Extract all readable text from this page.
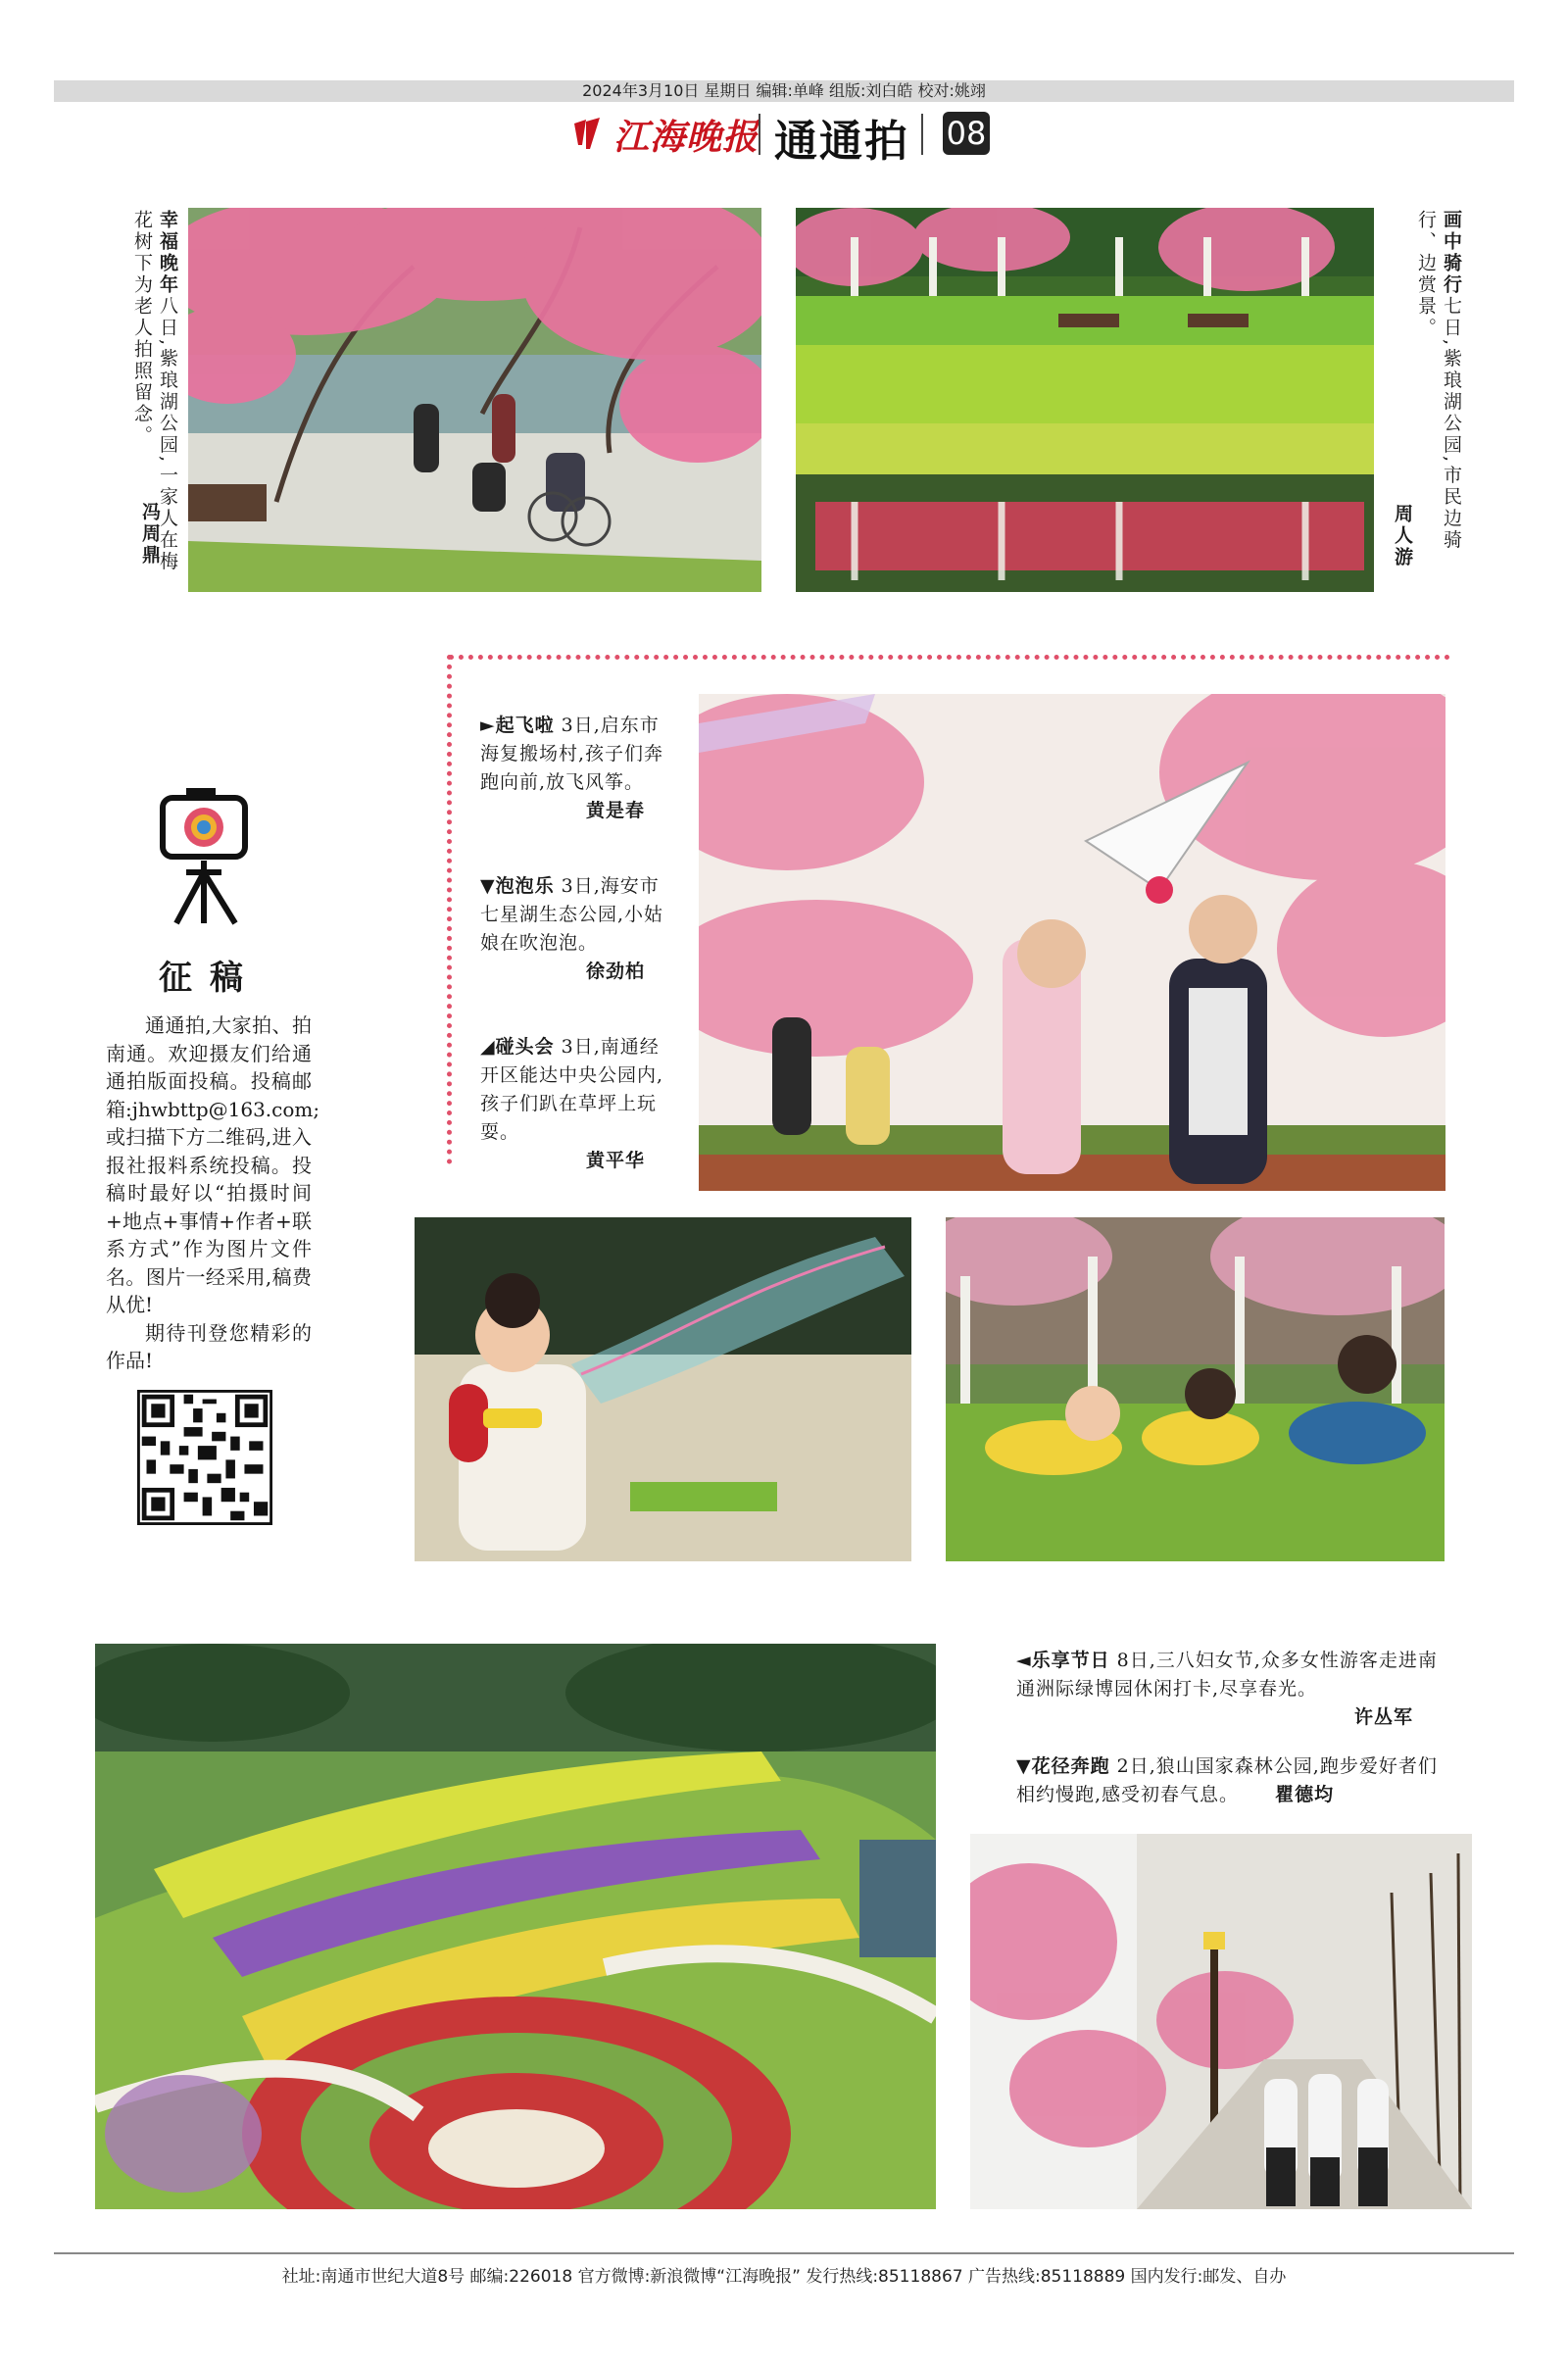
2024年3月10日 星期日 编辑:单峰 组版:刘白皓 校对:姚翊
江海晚报 通通拍 08
幸福晚年八日,紫琅湖公园,一家人在梅花树下为老人拍照留念。
冯周鼎
画中骑行七日,紫琅湖公园,市民边骑行、边赏景。
周人游
►起飞啦 3日,启东市海复搬场村,孩子们奔跑向前,放飞风筝。
黄是春
▼泡泡乐 3日,海安市七星湖生态公园,小姑娘在吹泡泡。
徐劲柏
◢碰头会 3日,南通经开区能达中央公园内,孩子们趴在草坪上玩耍。
黄平华
征稿
通通拍,大家拍、拍南通。欢迎摄友们给通通拍版面投稿。投稿邮箱:jhwbttp@163.com;或扫描下方二维码,进入报社报料系统投稿。投稿时最好以“拍摄时间+地点+事情+作者+联系方式”作为图片文件名。图片一经采用,稿费从优!
期待刊登您精彩的作品!
◄乐享节日 8日,三八妇女节,众多女性游客走进南通洲际绿博园休闲打卡,尽享春光。
许丛军
▼花径奔跑 2日,狼山国家森林公园,跑步爱好者们相约慢跑,感受初春气息。 瞿德均
社址:南通市世纪大道8号 邮编:226018 官方微博:新浪微博“江海晚报” 发行热线:85118867 广告热线:85118889 国内发行:邮发、自办
